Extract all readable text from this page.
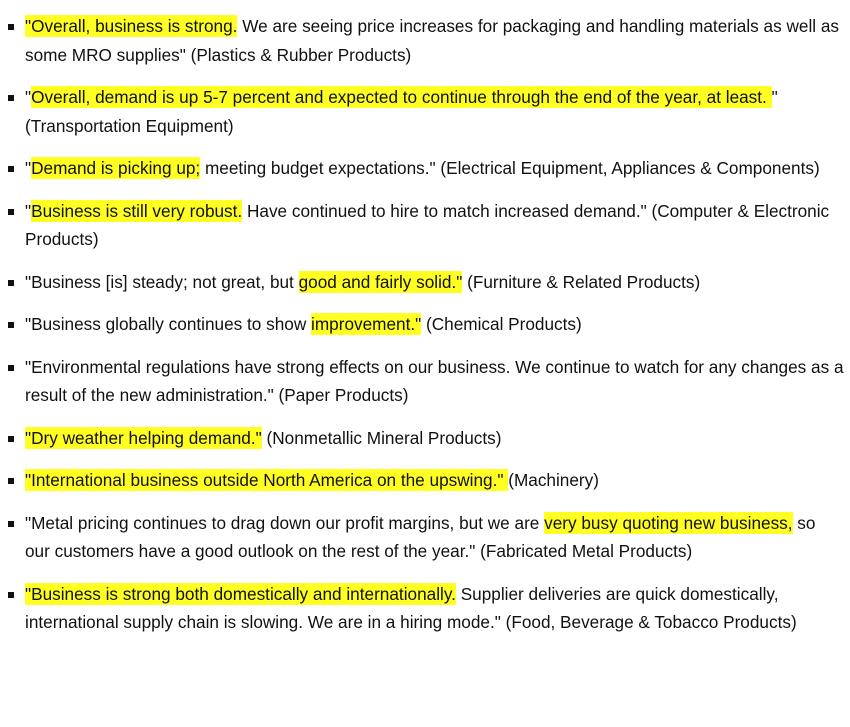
"Overall, business is strong. We are seeing price increases for packaging and handling materials as well as some MRO supplies" (Plastics & Rubber Products)
"Overall, demand is up 5-7 percent and expected to continue through the end of the year, at least. " (Transportation Equipment)
"Demand is picking up; meeting budget expectations." (Electrical Equipment, Appliances & Components)
"Business is still very robust. Have continued to hire to match increased demand." (Computer & Electronic Products)
"Business [is] steady; not great, but good and fairly solid." (Furniture & Related Products)
"Business globally continues to show improvement." (Chemical Products)
"Environmental regulations have strong effects on our business. We continue to watch for any changes as a result of the new administration." (Paper Products)
"Dry weather helping demand." (Nonmetallic Mineral Products)
"International business outside North America on the upswing." (Machinery)
"Metal pricing continues to drag down our profit margins, but we are very busy quoting new business, so our customers have a good outlook on the rest of the year." (Fabricated Metal Products)
"Business is strong both domestically and internationally. Supplier deliveries are quick domestically, international supply chain is slowing. We are in a hiring mode." (Food, Beverage & Tobacco Products)
